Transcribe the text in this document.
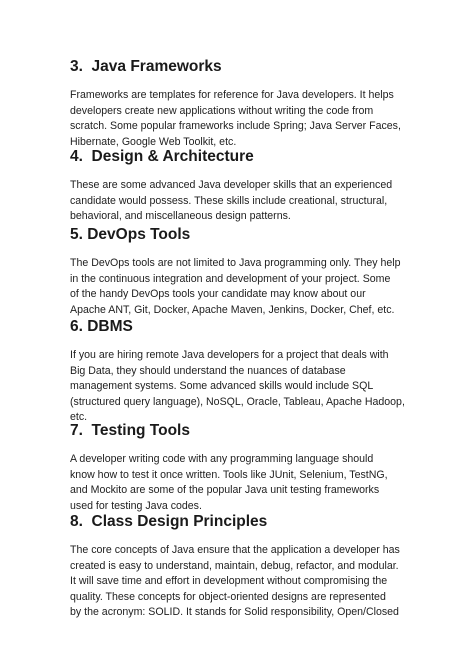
3.  Java Frameworks

Frameworks are templates for reference for Java developers. It helps
developers create new applications without writing the code from
scratch. Some popular frameworks include Spring; Java Server Faces,
Hibernate, Google Web Toolkit, etc.

4.  Design & Architecture

These are some advanced Java developer skills that an experienced
candidate would possess. These skills include creational, structural,
behavioral, and miscellaneous design patterns.

5. DevOps Tools

The DevOps tools are not limited to Java programming only. They help
in the continuous integration and development of your project. Some
of the handy DevOps tools your candidate may know about our
Apache ANT, Git, Docker, Apache Maven, Jenkins, Docker, Chef, etc.

6. DBMS

If you are hiring remote Java developers for a project that deals with
Big Data, they should understand the nuances of database
management systems. Some advanced skills would include SQL
(structured query language), NoSQL, Oracle, Tableau, Apache Hadoop,
etc.

7.  Testing Tools

A developer writing code with any programming language should
know how to test it once written. Tools like JUnit, Selenium, TestNG,
and Mockito are some of the popular Java unit testing frameworks
used for testing Java codes.

8.  Class Design Principles

The core concepts of Java ensure that the application a developer has
created is easy to understand, maintain, debug, refactor, and modular.
It will save time and effort in development without compromising the
quality. These concepts for object-oriented designs are represented
by the acronym: SOLID. It stands for Solid responsibility, Open/Closed
